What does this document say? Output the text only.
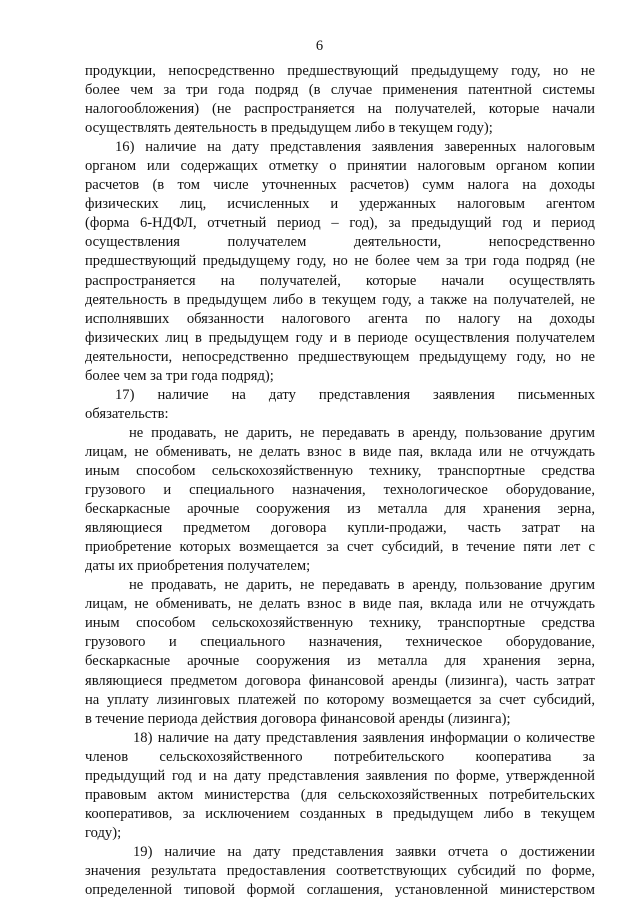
6
продукции, непосредственно предшествующий предыдущему году, но не
более чем за три года подряд (в случае применения патентной системы
налогообложения) (не распространяется на получателей, которые начали
осуществлять деятельность в предыдущем либо в текущем году);
16) наличие на дату представления заявления заверенных налоговым
органом или содержащих отметку о принятии налоговым органом копии
расчетов (в том числе уточненных расчетов) сумм налога на доходы
физических лиц, исчисленных и удержанных налоговым агентом
(форма 6-НДФЛ, отчетный период – год), за предыдущий год и период
осуществления получателем деятельности, непосредственно
предшествующий предыдущему году, но не более чем за три года подряд (не
распространяется на получателей, которые начали осуществлять
деятельность в предыдущем либо в текущем году, а также на получателей, не
исполнявших обязанности налогового агента по налогу на доходы
физических лиц в предыдущем году и в периоде осуществления получателем
деятельности, непосредственно предшествующем предыдущему году, но не
более чем за три года подряд);
17) наличие на дату представления заявления письменных
обязательств:
не продавать, не дарить, не передавать в аренду, пользование другим
лицам, не обменивать, не делать взнос в виде пая, вклада или не отчуждать
иным способом сельскохозяйственную технику, транспортные средства
грузового и специального назначения, технологическое оборудование,
бескаркасные арочные сооружения из металла для хранения зерна,
являющиеся предметом договора купли-продажи, часть затрат на
приобретение которых возмещается за счет субсидий, в течение пяти лет с
даты их приобретения получателем;
не продавать, не дарить, не передавать в аренду, пользование другим
лицам, не обменивать, не делать взнос в виде пая, вклада или не отчуждать
иным способом сельскохозяйственную технику, транспортные средства
грузового и специального назначения, техническое оборудование,
бескаркасные арочные сооружения из металла для хранения зерна,
являющиеся предметом договора финансовой аренды (лизинга), часть затрат
на уплату лизинговых платежей по которому возмещается за счет субсидий,
в течение периода действия договора финансовой аренды (лизинга);
18) наличие на дату представления заявления информации о количестве
членов сельскохозяйственного потребительского кооператива за
предыдущий год и на дату представления заявления по форме, утвержденной
правовым актом министерства (для сельскохозяйственных потребительских
кооперативов, за исключением созданных в предыдущем либо в текущем
году);
19) наличие на дату представления заявки отчета о достижении
значения результата предоставления соответствующих субсидий по форме,
определенной типовой формой соглашения, установленной министерством
